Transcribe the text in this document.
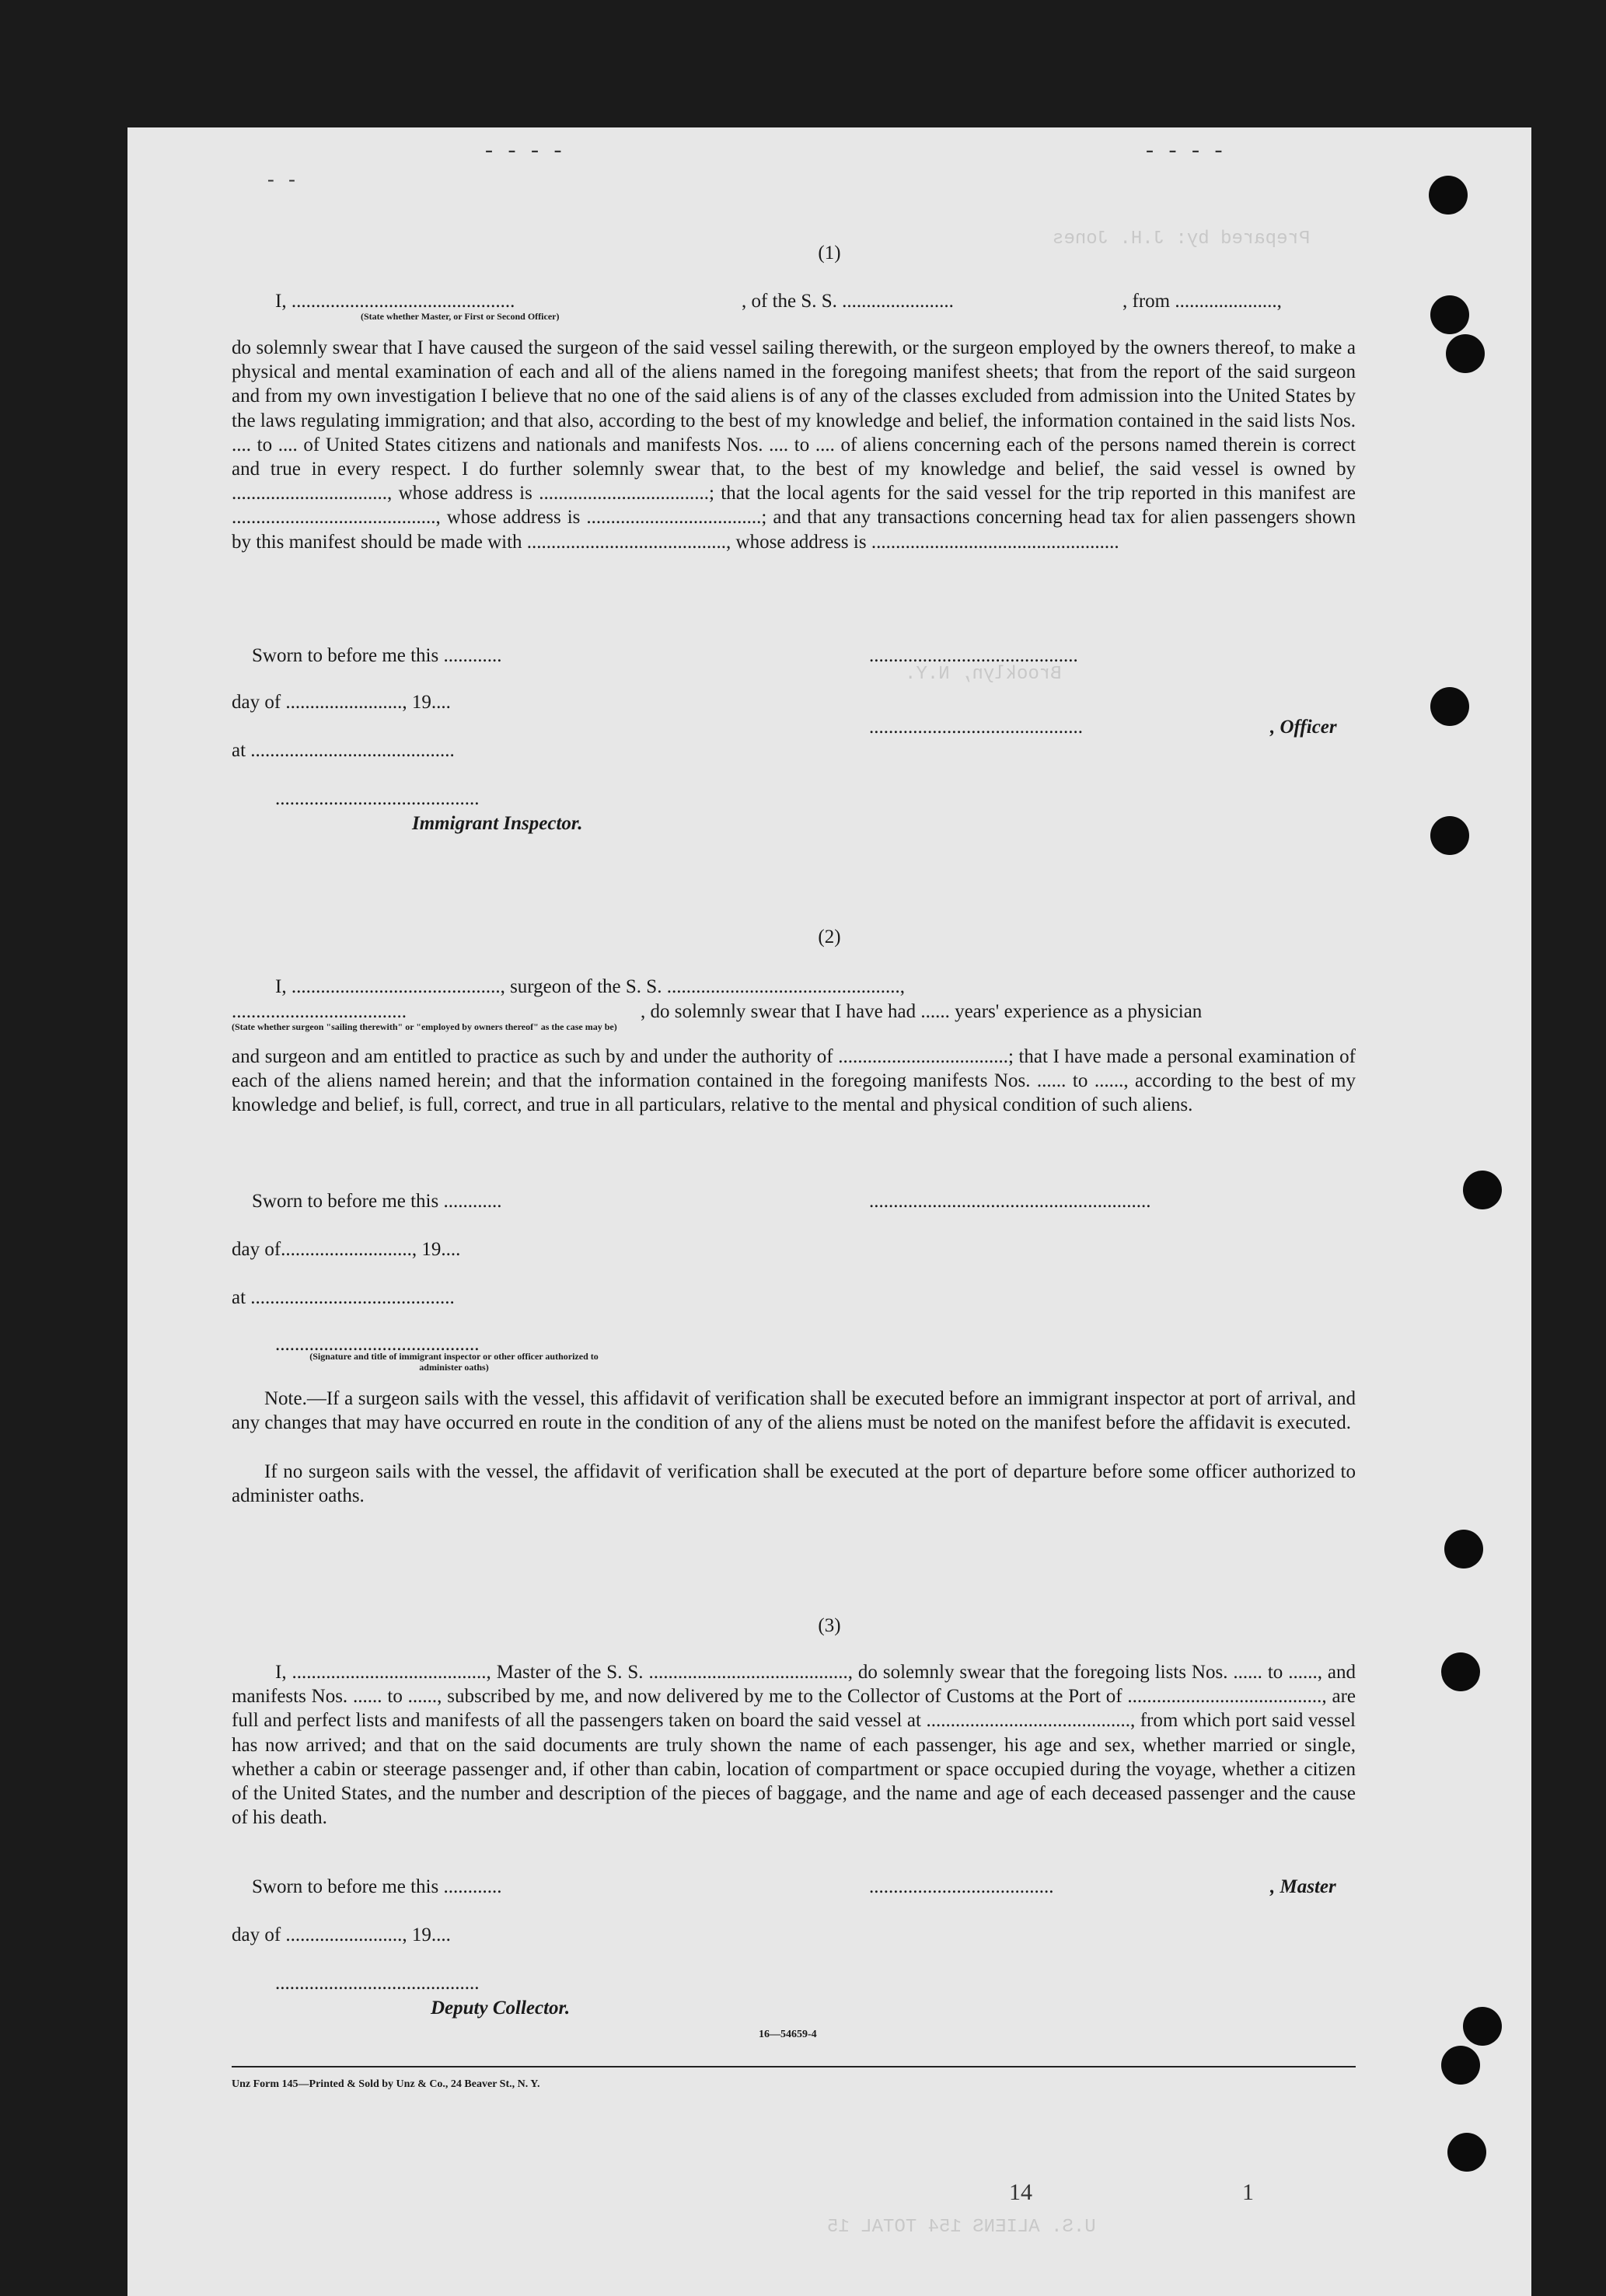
- - - -	- - - -
- -
Prepared by: J.H. Jones
Brooklyn, N.Y.
(1)
I, ..............................................	, of the S. S. .......................	, from .....................,
(State whether Master, or First or Second Officer)
do solemnly swear that I have caused the surgeon of the said vessel sailing therewith, or the surgeon employed by the owners thereof, to make a physical and mental examination of each and all of the aliens named in the foregoing manifest sheets; that from the report of the said surgeon and from my own investigation I believe that no one of the said aliens is of any of the classes excluded from admission into the United States by the laws regulating immigration; and that also, according to the best of my knowledge and belief, the information contained in the said lists Nos. .... to .... of United States citizens and nationals and manifests Nos. .... to .... of aliens concerning each of the persons named therein is correct and true in every respect. I do further solemnly swear that, to the best of my knowledge and belief, the said vessel is owned by ................................, whose address is ...................................; that the local agents for the said vessel for the trip reported in this manifest are .........................................., whose address is ....................................; and that any transactions concerning head tax for alien passengers shown by this manifest should be made with ........................................., whose address is ...................................................
Sworn to before me this ............
day of ........................, 19....
at ..........................................
..........................................
Immigrant Inspector.
...........................................
............................................	, Officer
(2)
I, ..........................................., surgeon of the S. S. ................................................,
....................................	, do solemnly swear that I have had ...... years' experience as a physician
(State whether surgeon "sailing therewith" or "employed by owners thereof" as the case may be)
and surgeon and am entitled to practice as such by and under the authority of ...................................; that I have made a personal examination of each of the aliens named herein; and that the information contained in the foregoing manifests Nos. ...... to ......, according to the best of my knowledge and belief, is full, correct, and true in all particulars, relative to the mental and physical condition of such aliens.
Sworn to before me this ............
day of..........................., 19....
at ..........................................
..........................................
(Signature and title of immigrant inspector or other officer authorized to administer oaths)
..........................................................
Note.—If a surgeon sails with the vessel, this affidavit of verification shall be executed before an immigrant inspector at port of arrival, and any changes that may have occurred en route in the condition of any of the aliens must be noted on the manifest before the affidavit is executed.
If no surgeon sails with the vessel, the affidavit of verification shall be executed at the port of departure before some officer authorized to administer oaths.
(3)
I, ........................................, Master of the S. S. ........................................., do solemnly swear that the foregoing lists Nos. ...... to ......, and manifests Nos. ...... to ......, subscribed by me, and now delivered by me to the Collector of Customs at the Port of ........................................, are full and perfect lists and manifests of all the passengers taken on board the said vessel at .........................................., from which port said vessel has now arrived; and that on the said documents are truly shown the name of each passenger, his age and sex, whether married or single, whether a cabin or steerage passenger and, if other than cabin, location of compartment or space occupied during the voyage, whether a citizen of the United States, and the number and description of the pieces of baggage, and the name and age of each deceased passenger and the cause of his death.
Sworn to before me this ............
day of ........................, 19....
..........................................
Deputy Collector.
......................................	, Master
16—54659-4
Unz Form 145—Printed & Sold by Unz & Co., 24 Beaver St., N. Y.
1
14
U.S. ALIENS 154 TOTAL 15
